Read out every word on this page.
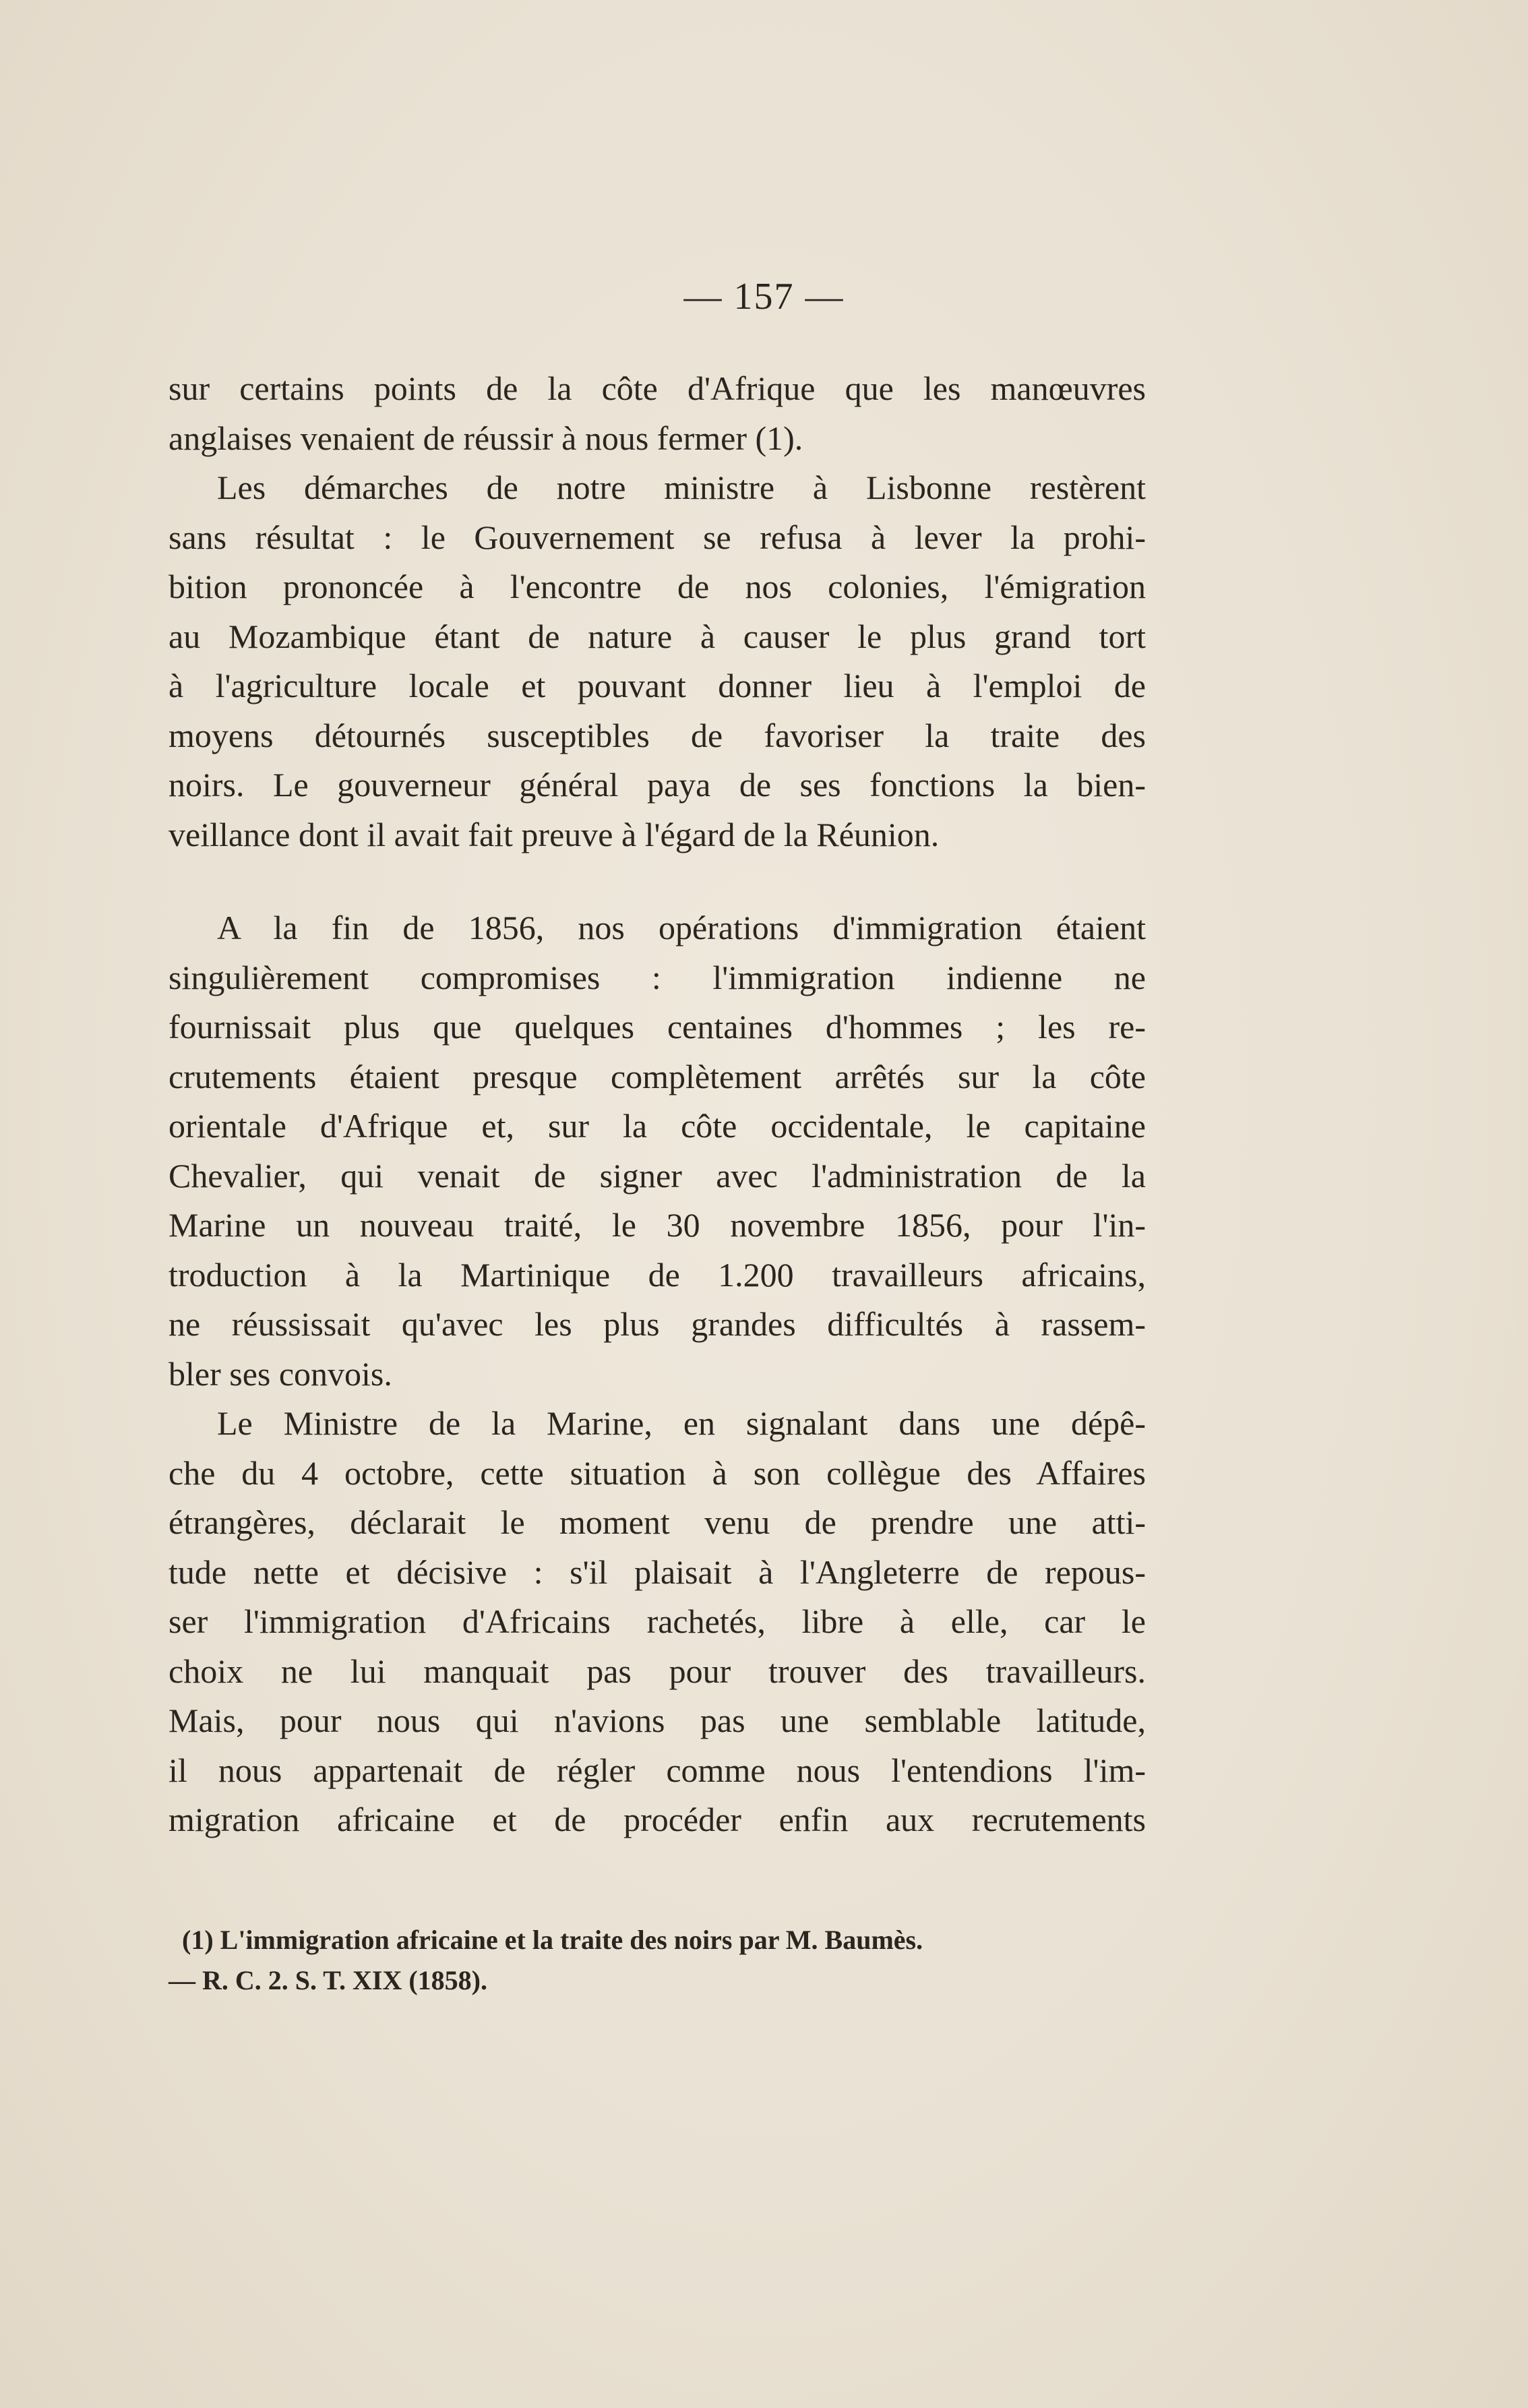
— 157 —
sur certains points de la côte d'Afrique que les manœuvres
anglaises venaient de réussir à nous fermer (1).
Les démarches de notre ministre à Lisbonne restèrent
sans résultat : le Gouvernement se refusa à lever la prohi-
bition prononcée à l'encontre de nos colonies, l'émigration
au Mozambique étant de nature à causer le plus grand tort
à l'agriculture locale et pouvant donner lieu à l'emploi de
moyens détournés susceptibles de favoriser la traite des
noirs. Le gouverneur général paya de ses fonctions la bien-
veillance dont il avait fait preuve à l'égard de la Réunion.
A la fin de 1856, nos opérations d'immigration étaient
singulièrement compromises : l'immigration indienne ne
fournissait plus que quelques centaines d'hommes ; les re-
crutements étaient presque complètement arrêtés sur la côte
orientale d'Afrique et, sur la côte occidentale, le capitaine
Chevalier, qui venait de signer avec l'administration de la
Marine un nouveau traité, le 30 novembre 1856, pour l'in-
troduction à la Martinique de 1.200 travailleurs africains,
ne réussissait qu'avec les plus grandes difficultés à rassem-
bler ses convois.
Le Ministre de la Marine, en signalant dans une dépê-
che du 4 octobre, cette situation à son collègue des Affaires
étrangères, déclarait le moment venu de prendre une atti-
tude nette et décisive : s'il plaisait à l'Angleterre de repous-
ser l'immigration d'Africains rachetés, libre à elle, car le
choix ne lui manquait pas pour trouver des travailleurs.
Mais, pour nous qui n'avions pas une semblable latitude,
il nous appartenait de régler comme nous l'entendions l'im-
migration africaine et de procéder enfin aux recrutements
(1) L'immigration africaine et la traite des noirs par M. Baumès.
— R. C. 2. S. T. XIX (1858).
